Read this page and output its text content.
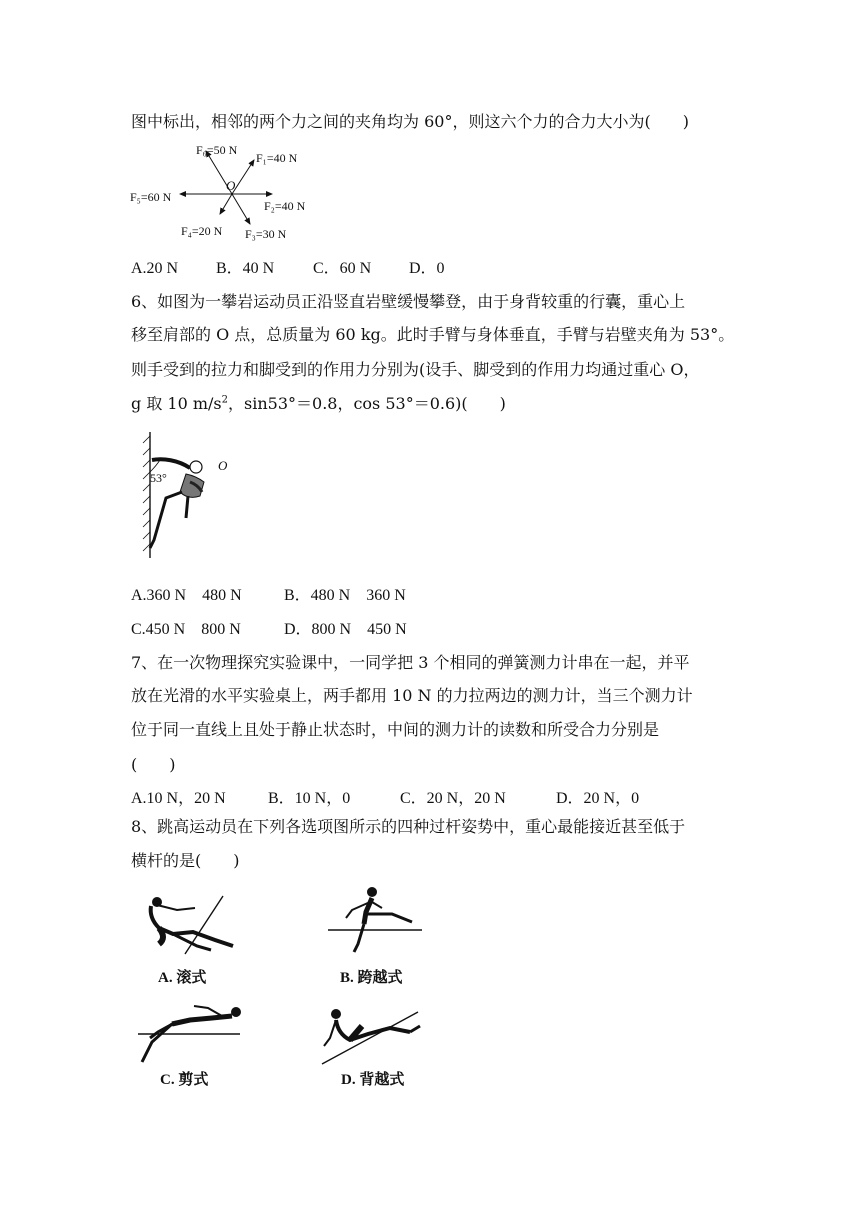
图中标出，相邻的两个力之间的夹角均为 60°，则这六个力的合力大小为(　　)
O
F₁=40 N
F₂=40 N
F₃=30 N
F₄=20 N
F₅=60 N
F₆=50 N
A.20 N B．40 N C．60 N D．0
6、如图为一攀岩运动员正沿竖直岩壁缓慢攀登，由于身背较重的行囊，重心上
移至肩部的 O 点，总质量为 60 kg。此时手臂与身体垂直，手臂与岩壁夹角为 53°。
则手受到的拉力和脚受到的作用力分别为(设手、脚受到的作用力均通过重心 O，
g 取 10 $m/s^2$，sin53°＝0.8，cos 53°＝0.6)(　　)
53°
O
A.360 N　480 N	B．480 N　360 N
C.450 N　800 N	D．800 N　450 N
7、在一次物理探究实验课中，一同学把 3 个相同的弹簧测力计串在一起，并平
放在光滑的水平实验桌上，两手都用 10 N 的力拉两边的测力计，当三个测力计
位于同一直线上且处于静止状态时，中间的测力计的读数和所受合力分别是
(　　)
A.10 N，20 N	B．10 N，0	C．20 N，20 N	D．20 N，0
8、跳高运动员在下列各选项图所示的四种过杆姿势中，重心最能接近甚至低于
横杆的是(　　)
A. 滚式	B. 跨越式
C. 剪式	D. 背越式
